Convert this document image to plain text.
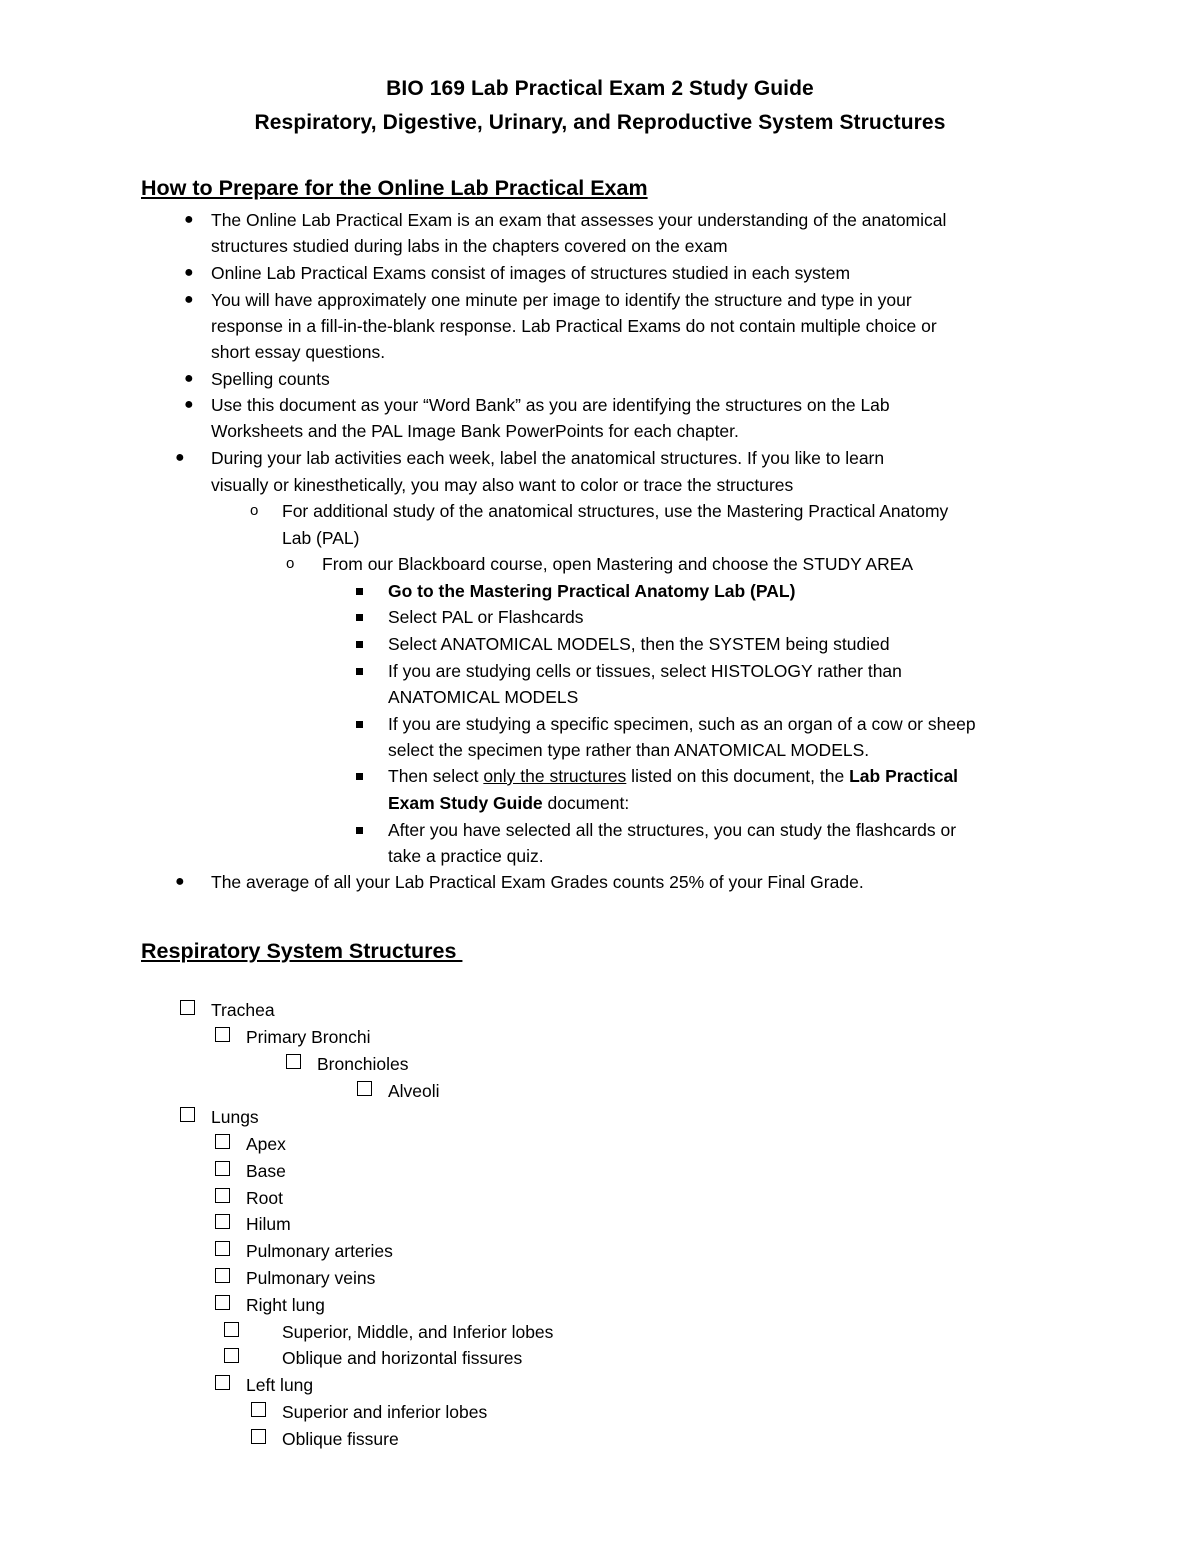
BIO 169 Lab Practical Exam 2 Study Guide
Respiratory, Digestive, Urinary, and Reproductive System Structures
How to Prepare for the Online Lab Practical Exam
● The Online Lab Practical Exam is an exam that assesses your understanding of the anatomical
structures studied during labs in the chapters covered on the exam
● Online Lab Practical Exams consist of images of structures studied in each system
● You will have approximately one minute per image to identify the structure and type in your
response in a fill-in-the-blank response. Lab Practical Exams do not contain multiple choice or
short essay questions.
● Spelling counts
● Use this document as your “Word Bank” as you are identifying the structures on the Lab
Worksheets and the PAL Image Bank PowerPoints for each chapter.
● During your lab activities each week, label the anatomical structures. If you like to learn
visually or kinesthetically, you may also want to color or trace the structures
o For additional study of the anatomical structures, use the Mastering Practical Anatomy
Lab (PAL)
o From our Blackboard course, open Mastering and choose the STUDY AREA
Go to the Mastering Practical Anatomy Lab (PAL)
Select PAL or Flashcards
Select ANATOMICAL MODELS, then the SYSTEM being studied
If you are studying cells or tissues, select HISTOLOGY rather than
ANATOMICAL MODELS
If you are studying a specific specimen, such as an organ of a cow or sheep
select the specimen type rather than ANATOMICAL MODELS.
Then select only the structures listed on this document, the Lab Practical
Exam Study Guide document:
After you have selected all the structures, you can study the flashcards or
take a practice quiz.
● The average of all your Lab Practical Exam Grades counts 25% of your Final Grade.
Respiratory System Structures
Trachea
Primary Bronchi
Bronchioles
Alveoli
Lungs
Apex
Base
Root
Hilum
Pulmonary arteries
Pulmonary veins
Right lung
Superior, Middle, and Inferior lobes
Oblique and horizontal fissures
Left lung
Superior and inferior lobes
Oblique fissure
